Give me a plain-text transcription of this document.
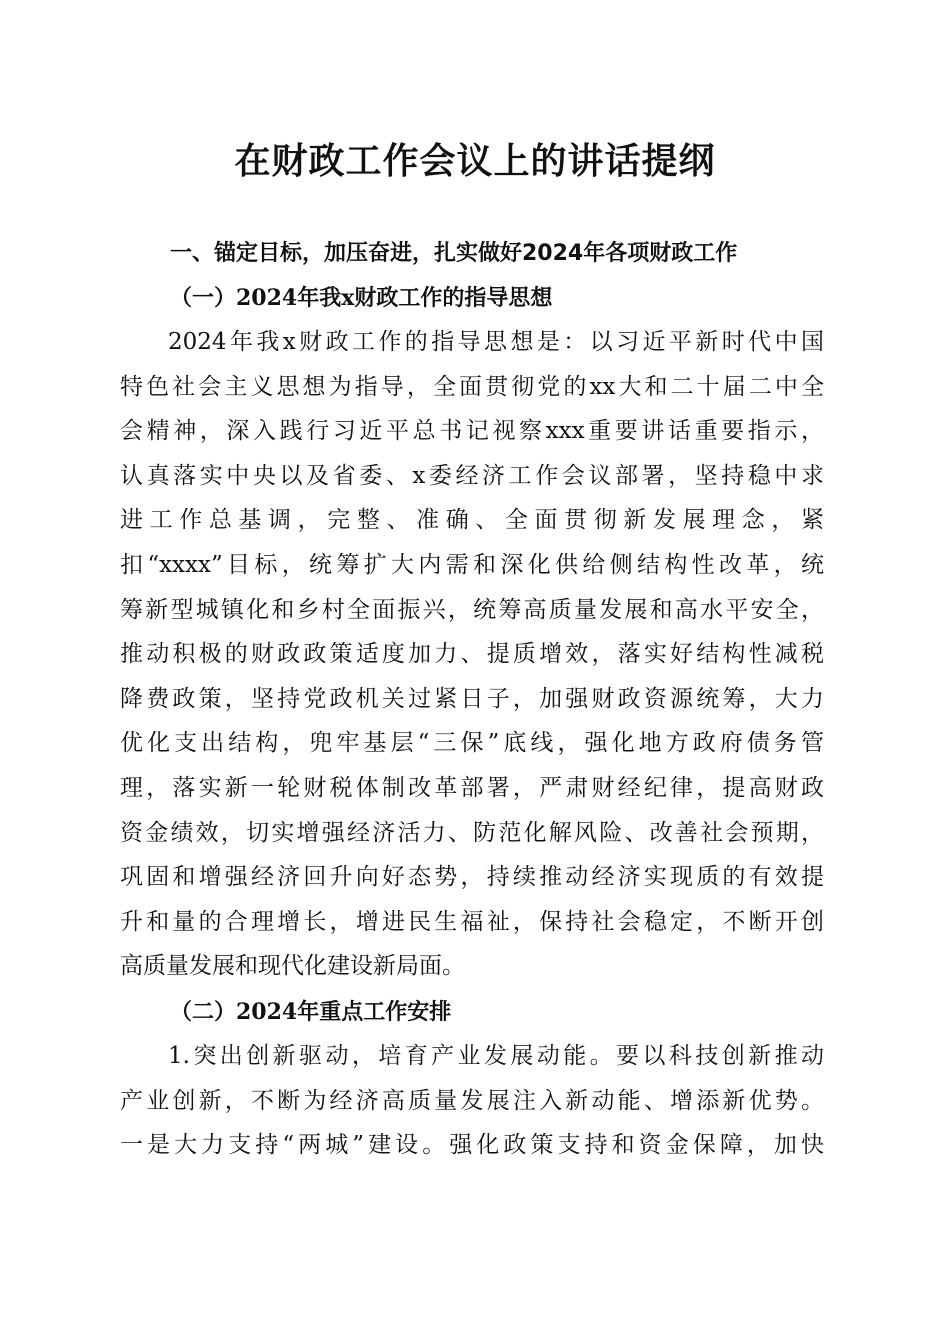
在财政工作会议上的讲话提纲
一、锚定目标，加压奋进，扎实做好2024年各项财政工作
（一）2024年我x财政工作的指导思想
2024年我x财政工作的指导思想是：以习近平新时代中国
特色社会主义思想为指导，全面贯彻党的xx大和二十届二中全
会精神，深入践行习近平总书记视察xxx重要讲话重要指示，
认真落实中央以及省委、x委经济工作会议部署，坚持稳中求
进工作总基调，完整、准确、全面贯彻新发展理念，紧
扣“xxxx”目标，统筹扩大内需和深化供给侧结构性改革，统
筹新型城镇化和乡村全面振兴，统筹高质量发展和高水平安全，
推动积极的财政政策适度加力、提质增效，落实好结构性减税
降费政策，坚持党政机关过紧日子，加强财政资源统筹，大力
优化支出结构，兜牢基层“三保”底线，强化地方政府债务管
理，落实新一轮财税体制改革部署，严肃财经纪律，提高财政
资金绩效，切实增强经济活力、防范化解风险、改善社会预期，
巩固和增强经济回升向好态势，持续推动经济实现质的有效提
升和量的合理增长，增进民生福祉，保持社会稳定，不断开创
高质量发展和现代化建设新局面。
（二）2024年重点工作安排
1.突出创新驱动，培育产业发展动能。要以科技创新推动
产业创新，不断为经济高质量发展注入新动能、增添新优势。
一是大力支持“两城”建设。强化政策支持和资金保障，加快
